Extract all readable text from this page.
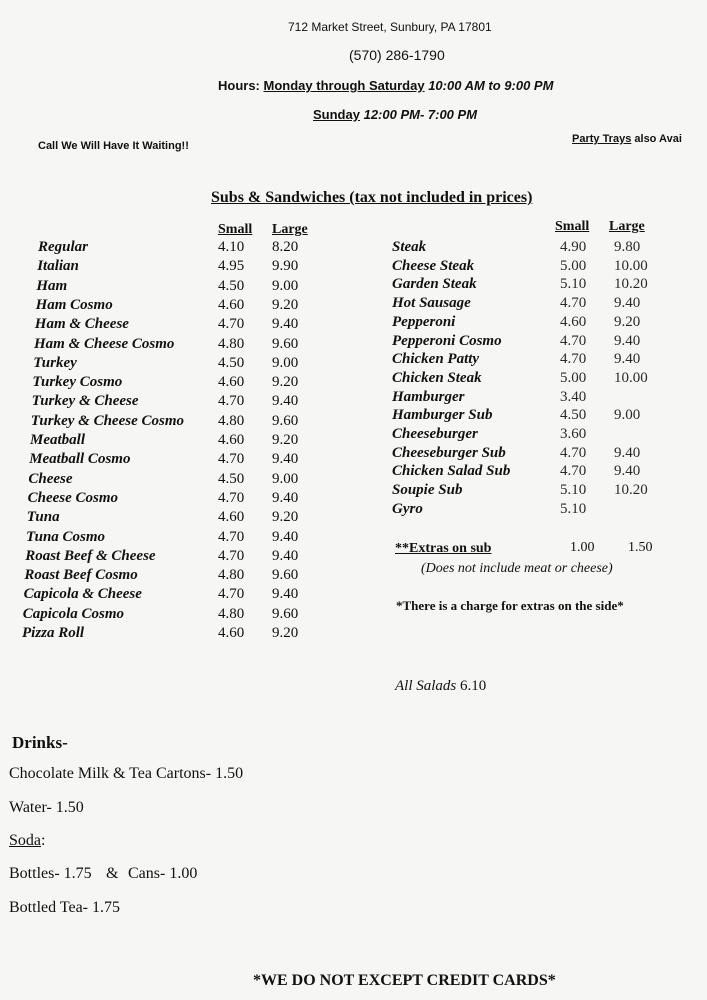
712 Market Street, Sunbury, PA 17801
(570) 286-1790
Hours: Monday through Saturday 10:00 AM to 9:00 PM
Sunday 12:00 PM- 7:00 PM
Call We Will Have It Waiting!!
Party Trays also Avai
Subs & Sandwiches (tax not included in prices)
Small Large
Regular	4.10 8.20
Italian	4.95 9.90
Ham	4.50 9.00
Ham Cosmo	4.60 9.20
Ham & Cheese	4.70 9.40
Ham & Cheese Cosmo	4.80 9.60
Turkey	4.50 9.00
Turkey Cosmo	4.60 9.20
Turkey & Cheese	4.70 9.40
Turkey & Cheese Cosmo 4.80 9.60
Meatball	4.60 9.20
Meatball Cosmo	4.70 9.40
Cheese	4.50 9.00
Cheese Cosmo	4.70 9.40
Tuna	4.60 9.20
Tuna Cosmo	4.70 9.40
Roast Beef & Cheese	4.70 9.40
Roast Beef Cosmo	4.80 9.60
Capicola & Cheese	4.70 9.40
Capicola Cosmo	4.80 9.60
Pizza Roll	4.60 9.20
Small Large
Steak	4.90 9.80
Cheese Steak	5.00 10.00
Garden Steak	5.10 10.20
Hot Sausage	4.70 9.40
Pepperoni	4.60 9.20
Pepperoni Cosmo	4.70 9.40
Chicken Patty	4.70 9.40
Chicken Steak	5.00 10.00
Hamburger	3.40
Hamburger Sub	4.50 9.00
Cheeseburger	3.60
Cheeseburger Sub	4.70 9.40
Chicken Salad Sub	4.70 9.40
Soupie Sub	5.10 10.20
Gyro	5.10
**Extras on sub	1.00 1.50
(Does not include meat or cheese)
*There is a charge for extras on the side*
All Salads 6.10
Drinks-
Chocolate Milk & Tea Cartons- 1.50
Water- 1.50
Soda:
Bottles- 1.75 & Cans- 1.00
Bottled Tea- 1.75
*WE DO NOT EXCEPT CREDIT CARDS*
